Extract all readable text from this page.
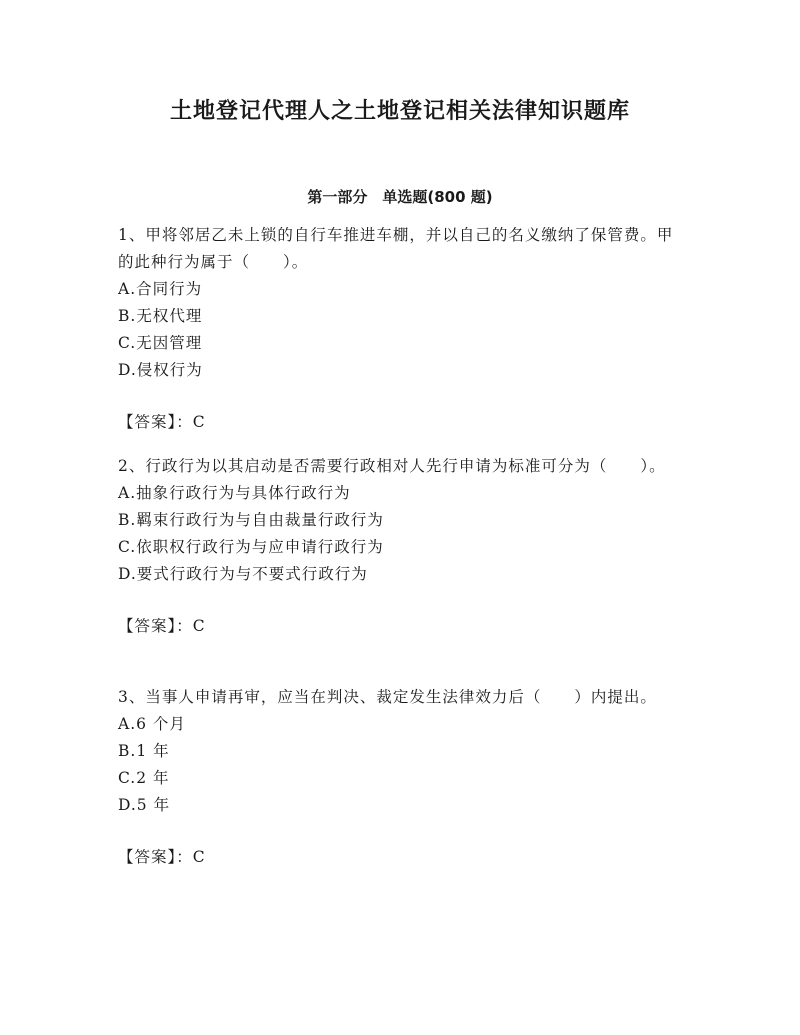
土地登记代理人之土地登记相关法律知识题库
第一部分　 单选题(800 题)

1、甲将邻居乙未上锁的自行车推进车棚，并以自己的名义缴纳了保管费。甲的此种行为属于（　　）。

A.合同行为

B.无权代理

C.无因管理

D.侵权行为

【答案】：C

2、行政行为以其启动是否需要行政相对人先行申请为标准可分为（　　）。

A.抽象行政行为与具体行政行为

B.羁束行政行为与自由裁量行政行为

C.依职权行政行为与应申请行政行为

D.要式行政行为与不要式行政行为

【答案】：C

3、当事人申请再审，应当在判决、裁定发生法律效力后（　　）内提出。

A.6 个月

B.1 年

C.2 年

D.5 年

【答案】：C
